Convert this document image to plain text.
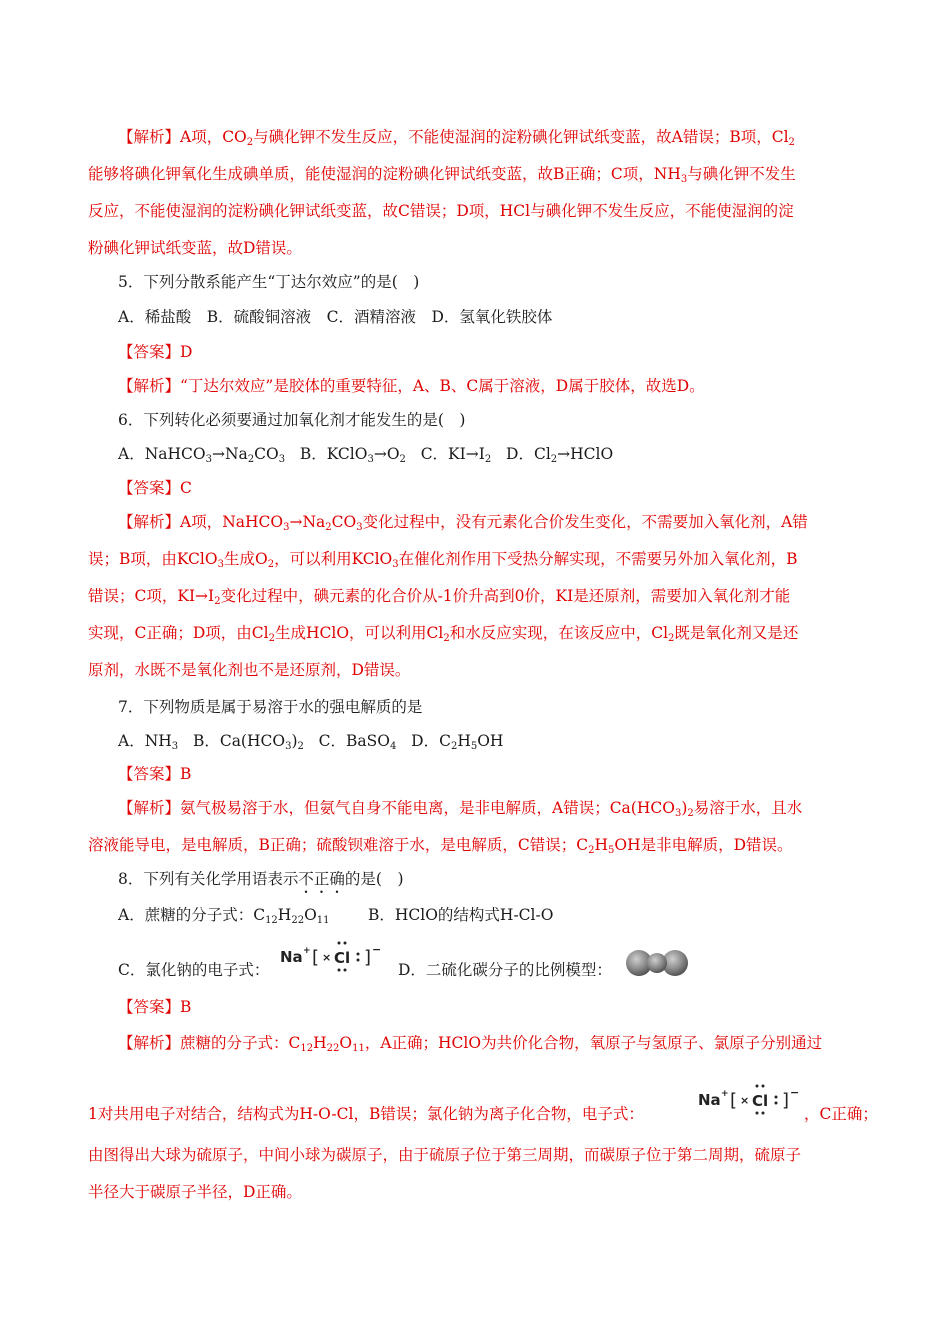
【解析】A项，$CO_2$与碘化钾不发生反应，不能使湿润的淀粉碘化钾试纸变蓝，故A错误；B项，$Cl_2$
能够将碘化钾氧化生成碘单质，能使湿润的淀粉碘化钾试纸变蓝，故B正确；C项，$NH_3$与碘化钾不发生
反应，不能使湿润的淀粉碘化钾试纸变蓝，故C错误；D项，HCl与碘化钾不发生反应，不能使湿润的淀
粉碘化钾试纸变蓝，故D错误。
5．下列分散系能产生“丁达尔效应”的是(　)
A．稀盐酸　B．硫酸铜溶液　C．酒精溶液　D．氢氧化铁胶体
【答案】D
【解析】“丁达尔效应”是胶体的重要特征，A、B、C属于溶液，D属于胶体，故选D。
6．下列转化必须要通过加氧化剂才能发生的是(　)
A．$NaHCO_3\to Na_2CO_3$ B．$KClO_3\to O_2$ C．$KI\to I_2$ D．$Cl_2\to HClO$
【答案】C
【解析】A项，$NaHCO_3\to Na_2CO_3$变化过程中，没有元素化合价发生变化，不需要加入氧化剂，A错
误；B项，由KClO$_3$生成$O_2$，可以利用KClO$_3$在催化剂作用下受热分解实现，不需要另外加入氧化剂，B
错误；C项，$KI\to I_2$变化过程中，碘元素的化合价从-1价升高到0价，KI是还原剂，需要加入氧化剂才能
实现，C正确；D项，由$Cl_2$生成HClO，可以利用$Cl_2$和水反应实现，在该反应中，$Cl_2$既是氧化剂又是还
原剂，水既不是氧化剂也不是还原剂，D错误。
7．下列物质是属于易溶于水的强电解质的是
A．$NH_3$ B．$Ca(HCO_3)_2$ C．BaSO$_4$ D．$C_2H_5OH$
【答案】B
【解析】氨气极易溶于水，但氨气自身不能电离，是非电解质，A错误；$Ca(HCO_3)_2$易溶于水，且水
溶液能导电，是电解质，B正确；硫酸钡难溶于水，是电解质，C错误；$C_2H_5OH$是非电解质，D错误。
8．下列有关化学用语表示不正确的是(　)
A．蔗糖的分子式：$C_{12}H_{22}O_{11}$ B．HClO的结构式H-Cl-O
C．氯化钠的电子式：
Na + [ × Cl ] −
D．二硫化碳分子的比例模型：
【答案】B
【解析】蔗糖的分子式：$C_{12}H_{22}O_{11}$，A正确；HClO为共价化合物，氧原子与氢原子、氯原子分别通过
1对共用电子对结合，结构式为H-O-Cl，B错误；氯化钠为离子化合物，电子式：
Na + [ × Cl ] −
，C正确；
由图得出大球为硫原子，中间小球为碳原子，由于硫原子位于第三周期，而碳原子位于第二周期，硫原子
半径大于碳原子半径，D正确。
